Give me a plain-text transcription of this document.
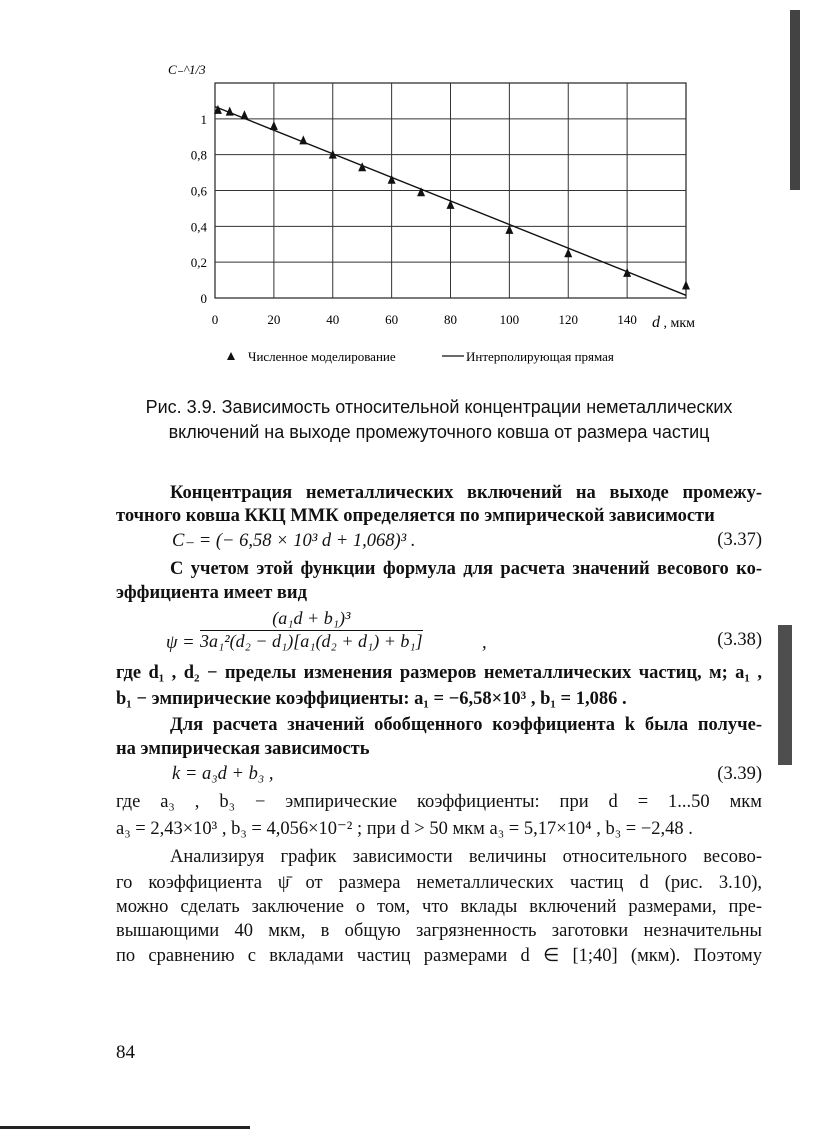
0	20	40	60	80	100	120	140
0
0,2
0,4
0,6
0,8
1
C₋^1/3
d , мкм
Численное моделирование	Интерполирующая прямая
Рис. 3.9. Зависимость относительной концентрации неметаллических
включений на выходе промежуточного ковша от размера частиц
Концентрация неметаллических включений на выходе промежу-
точного ковша ККЦ ММК определяется по эмпирической зависимости
C₋ = (− 6,58 × 10³ d + 1,068)³ .	(3.37)
С учетом этой функции формула для расчета значений весового ко-
эффициента имеет вид
$\psi = \frac{\text{(a₁d + b₁)³}}{\text{3a₁²(d₂ − d₁)[a₁(d₂ + d₁) + b₁]}}$	,	(3.38)
где d₁ , d₂ − пределы изменения размеров неметаллических частиц, м; a₁ ,
b₁ − эмпирические коэффициенты: a₁ = −6,58×10³ , b₁ = 1,086 .
Для расчета значений обобщенного коэффициента k была получе-
на эмпирическая зависимость
k = a₃d + b₃ ,	(3.39)
где a₃ , b₃ − эмпирические коэффициенты: при d = 1...50 мкм
a₃ = 2,43×10³ , b₃ = 4,056×10⁻² ; при d > 50 мкм a₃ = 5,17×10⁴ , b₃ = −2,48 .
Анализируя график зависимости величины относительного весово-
го коэффициента ψ̄ от размера неметаллических частиц d (рис. 3.10),
можно сделать заключение о том, что вклады включений размерами, пре-
вышающими 40 мкм, в общую загрязненность заготовки незначительны
по сравнению с вкладами частиц размерами d ∈ [1;40] (мкм). Поэтому
84
